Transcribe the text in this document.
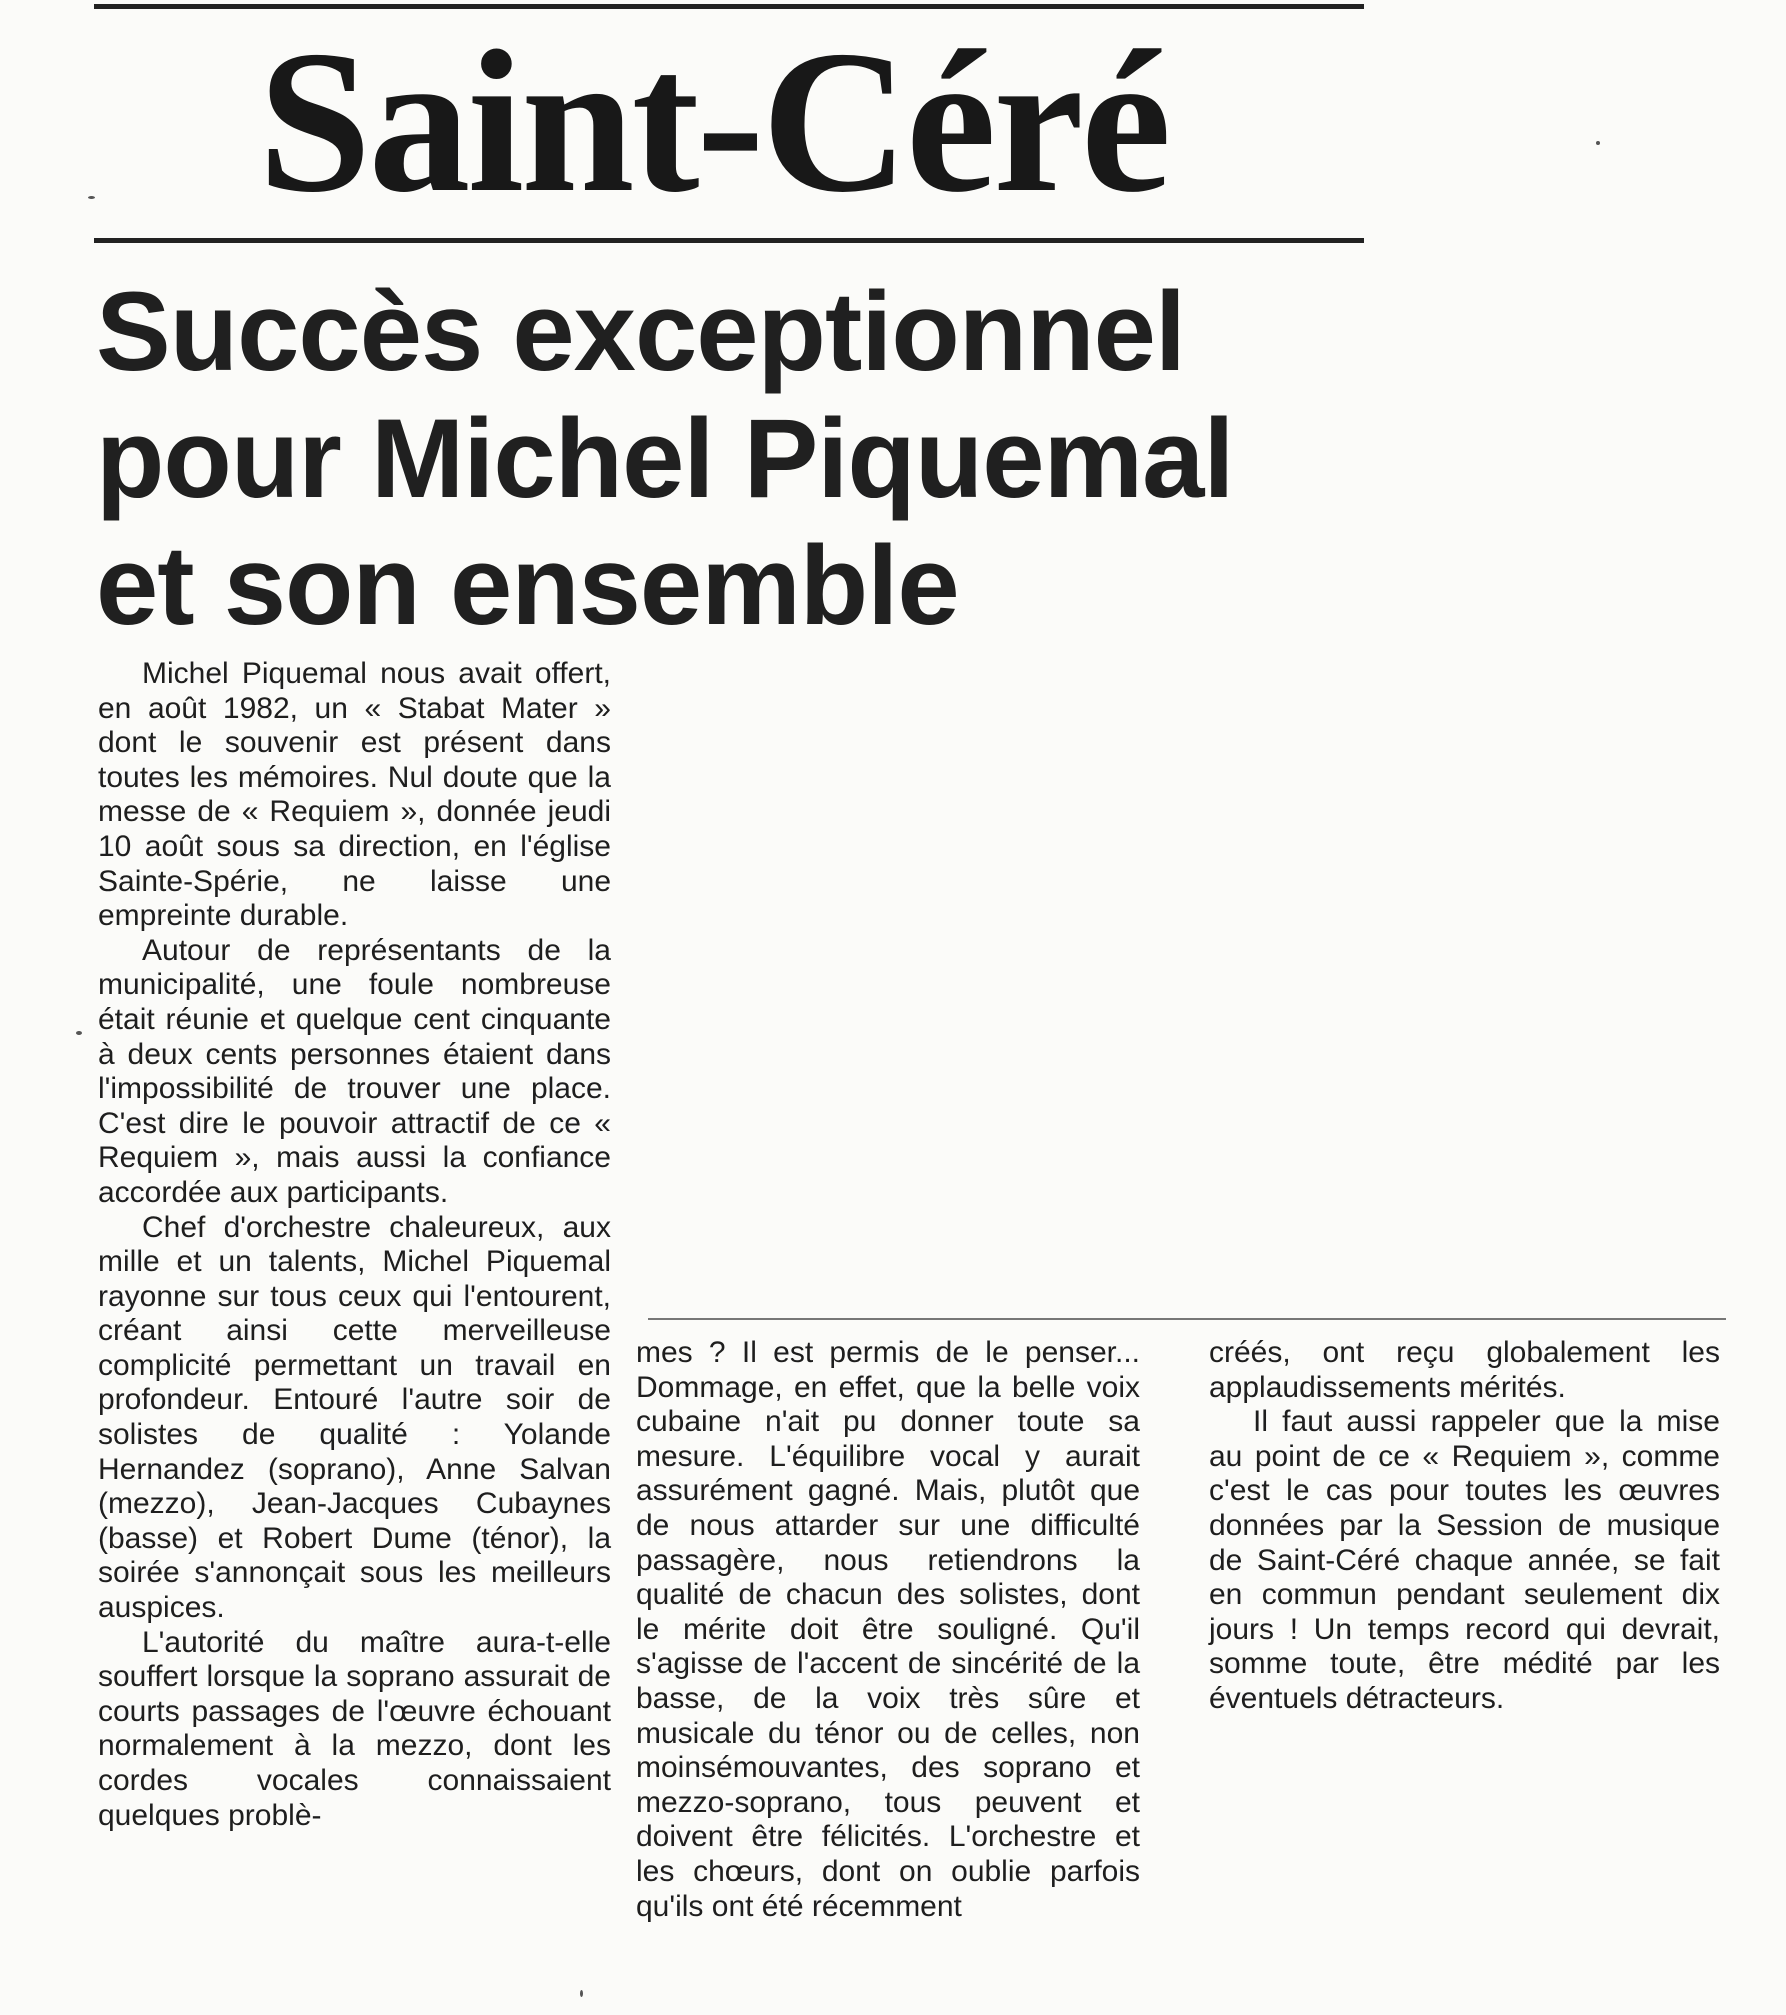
Saint-Céré
Succès exceptionnel
pour Michel Piquemal
et son ensemble

Michel Piquemal nous avait offert, en août 1982, un « Stabat Mater » dont le souvenir est présent dans toutes les mémoires. Nul doute que la messe de « Requiem », donnée jeudi 10 août sous sa direction, en l'église Sainte-Spérie, ne laisse une empreinte durable.

Autour de représentants de la municipalité, une foule nombreuse était réunie et quelque cent cinquante à deux cents personnes étaient dans l'impossibilité de trouver une place. C'est dire le pouvoir attractif de ce « Requiem », mais aussi la confiance accordée aux participants.

Chef d'orchestre chaleureux, aux mille et un talents, Michel Piquemal rayonne sur tous ceux qui l'entourent, créant ainsi cette merveilleuse complicité permettant un travail en profondeur. Entouré l'autre soir de solistes de qualité : Yolande Hernandez (soprano), Anne Salvan (mezzo), Jean-Jacques Cubaynes (basse) et Robert Dume (ténor), la soirée s'annonçait sous les meilleurs auspices.

L'autorité du maître aura-t-elle souffert lorsque la soprano assurait de courts passages de l'œuvre échouant normalement à la mezzo, dont les cordes vocales connaissaient quelques problè-

mes ? Il est permis de le penser... Dommage, en effet, que la belle voix cubaine n'ait pu donner toute sa mesure. L'équilibre vocal y aurait assurément gagné. Mais, plutôt que de nous attarder sur une difficulté passagère, nous retiendrons la qualité de chacun des solistes, dont le mérite doit être souligné. Qu'il s'agisse de l'accent de sincérité de la basse, de la voix très sûre et musicale du ténor ou de celles, non moinsémouvantes, des soprano et mezzo-soprano, tous peuvent et doivent être félicités. L'orchestre et les chœurs, dont on oublie parfois qu'ils ont été récemment

créés, ont reçu globalement les applaudissements mérités.

Il faut aussi rappeler que la mise au point de ce « Requiem », comme c'est le cas pour toutes les œuvres données par la Session de musique de Saint-Céré chaque année, se fait en commun pendant seulement dix jours ! Un temps record qui devrait, somme toute, être médité par les éventuels détracteurs.
